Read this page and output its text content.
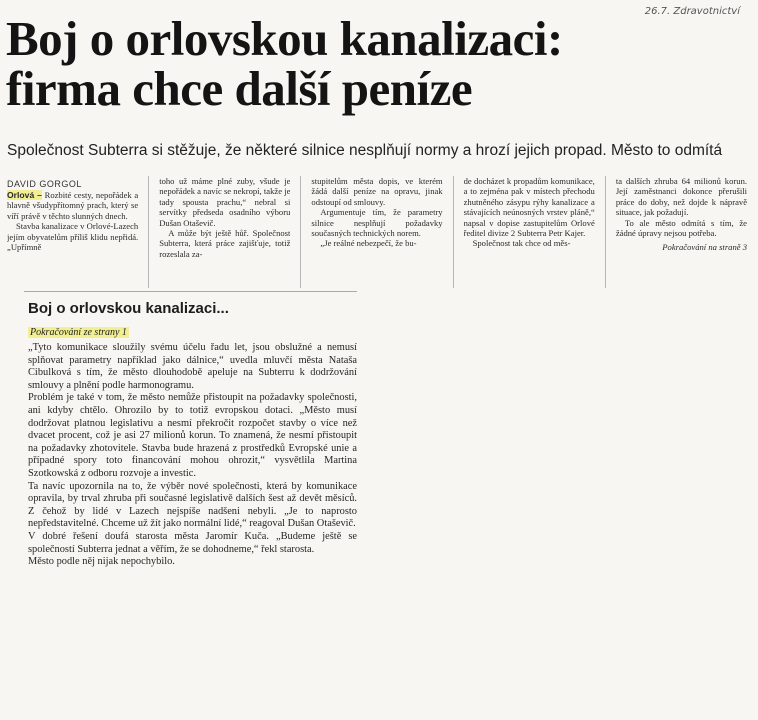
26.7. Zdravotnictví
Boj o orlovskou kanalizaci:
firma chce další peníze

Společnost Subterra si stěžuje, že některé silnice nesplňují normy a hrozí jejich propad. Město to odmítá

DAVID GORGOL

Orlová – Rozbité cesty, nepořádek a hlavně všudypřítomný prach, který se víří právě v těchto slunných dnech.

Stavba kanalizace v Orlové-Lazech jejím obyvatelům příliš klidu nepřidá. „Upřímně

toho už máme plné zuby, všude je nepořádek a navíc se nekropí, takže je tady spousta prachu,“ nebral si servítky předseda osadního výboru Dušan Otaševič.

A může být ještě hůř. Společnost Subterra, která práce zajišťuje, totiž rozeslala za-

stupitelům města dopis, ve kterém žádá další peníze na opravu, jinak odstoupí od smlouvy.

Argumentuje tím, že parametry silnice nesplňují požadavky současných technických norem.

„Je reálné nebezpečí, že bu-

de docházet k propadům komunikace, a to zejména pak v místech přechodu zhutněného zásypu rýhy kanalizace a stávajících neúnosných vrstev pláně,“ napsal v dopise zastupitelům Orlové ředitel divize 2 Subterra Petr Kajer.

Společnost tak chce od měs-

ta dalších zhruba 64 milionů korun. Její zaměstnanci dokonce přerušili práce do doby, než dojde k nápravě situace, jak požadují.

To ale město odmítá s tím, že žádné úpravy nejsou potřeba.

Pokračování na straně 3
Boj o orlovskou kanalizaci...
Pokračování ze strany 1

„Tyto komunikace sloužily svému účelu řadu let, jsou obslužné a nemusí splňovat parametry například jako dálnice,“ uvedla mluvčí města Nataša Cibulková s tím, že město dlouhodobě apeluje na Subterru k dodržování smlouvy a plnění podle harmonogramu.

Problém je také v tom, že město nemůže přistoupit na požadavky společnosti, ani kdyby chtělo. Ohrozilo by to totiž evropskou dotaci. „Město musí dodržovat platnou legislativu a nesmí překročit rozpočet stavby o více než dvacet procent, což je asi 27 milionů korun. To znamená, že nesmí přistoupit na požadavky zhotovitele. Stavba bude hrazená z prostředků Evropské unie a případné spory toto financování mohou ohrozit,“ vysvětlila Martina Szotkowská z odboru rozvoje a investic.

Ta navíc upozornila na to, že výběr nové společnosti, která by komunikace opravila, by trval zhruba při současné legislativě dalších šest až devět měsíců. Z čehož by lidé v Lazech nejspíše nadšeni nebyli. „Je to naprosto nepředstavitelné. Chceme už žít jako normální lidé,“ reagoval Dušan Otaševič.

V dobré řešení doufá starosta města Jaromír Kuča. „Budeme ještě se společností Subterra jednat a věřím, že se dohodneme,“ řekl starosta.

Město podle něj nijak nepochybilo.
